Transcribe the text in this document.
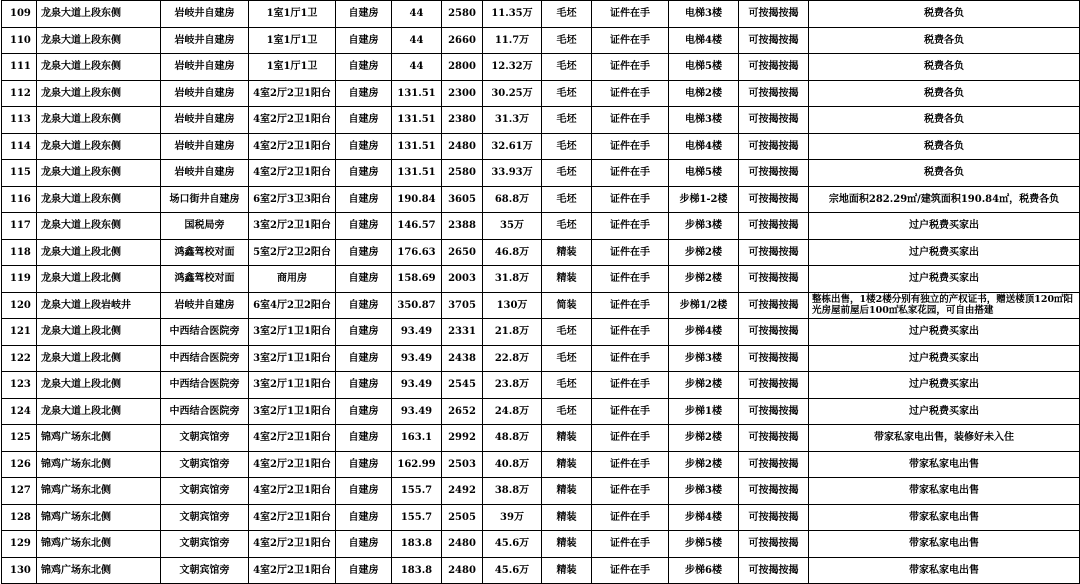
109	龙泉大道上段东侧	岩岐井自建房	1室1厅1卫	自建房	44	2580	11.35万	毛坯	证件在手	电梯3楼	可按揭按揭	税费各负
110	龙泉大道上段东侧	岩岐井自建房	1室1厅1卫	自建房	44	2660	11.7万	毛坯	证件在手	电梯4楼	可按揭按揭	税费各负
111	龙泉大道上段东侧	岩岐井自建房	1室1厅1卫	自建房	44	2800	12.32万	毛坯	证件在手	电梯5楼	可按揭按揭	税费各负
112	龙泉大道上段东侧	岩岐井自建房	4室2厅2卫1阳台	自建房	131.51	2300	30.25万	毛坯	证件在手	电梯2楼	可按揭按揭	税费各负
113	龙泉大道上段东侧	岩岐井自建房	4室2厅2卫1阳台	自建房	131.51	2380	31.3万	毛坯	证件在手	电梯3楼	可按揭按揭	税费各负
114	龙泉大道上段东侧	岩岐井自建房	4室2厅2卫1阳台	自建房	131.51	2480	32.61万	毛坯	证件在手	电梯4楼	可按揭按揭	税费各负
115	龙泉大道上段东侧	岩岐井自建房	4室2厅2卫1阳台	自建房	131.51	2580	33.93万	毛坯	证件在手	电梯5楼	可按揭按揭	税费各负
116	龙泉大道上段东侧	场口街井自建房	6室2厅3卫3阳台	自建房	190.84	3605	68.8万	毛坯	证件在手	步梯1-2楼	可按揭按揭	宗地面积282.29㎡/建筑面积190.84㎡，税费各负
117	龙泉大道上段东侧	国税局旁	3室2厅2卫1阳台	自建房	146.57	2388	35万	毛坯	证件在手	步梯3楼	可按揭按揭	过户税费买家出
118	龙泉大道上段北侧	鸿鑫驾校对面	5室2厅2卫2阳台	自建房	176.63	2650	46.8万	精装	证件在手	步梯2楼	可按揭按揭	过户税费买家出
119	龙泉大道上段北侧	鸿鑫驾校对面	商用房	自建房	158.69	2003	31.8万	精装	证件在手	步梯2楼	可按揭按揭	过户税费买家出
120	龙泉大道上段岩岐井	岩岐井自建房	6室4厅2卫2阳台	自建房	350.87	3705	130万	简装	证件在手	步梯1/2楼	可按揭按揭	整栋出售，1楼2楼分别有独立的产权证书，赠送楼顶120㎡阳光房屋前屋后100㎡私家花园，可自由搭建
121	龙泉大道上段北侧	中西结合医院旁	3室2厅1卫1阳台	自建房	93.49	2331	21.8万	毛坯	证件在手	步梯4楼	可按揭按揭	过户税费买家出
122	龙泉大道上段北侧	中西结合医院旁	3室2厅1卫1阳台	自建房	93.49	2438	22.8万	毛坯	证件在手	步梯3楼	可按揭按揭	过户税费买家出
123	龙泉大道上段北侧	中西结合医院旁	3室2厅1卫1阳台	自建房	93.49	2545	23.8万	毛坯	证件在手	步梯2楼	可按揭按揭	过户税费买家出
124	龙泉大道上段北侧	中西结合医院旁	3室2厅1卫1阳台	自建房	93.49	2652	24.8万	毛坯	证件在手	步梯1楼	可按揭按揭	过户税费买家出
125	锦鸡广场东北侧	文朝宾馆旁	4室2厅2卫1阳台	自建房	163.1	2992	48.8万	精装	证件在手	步梯2楼	可按揭按揭	带家私家电出售，装修好未入住
126	锦鸡广场东北侧	文朝宾馆旁	4室2厅2卫1阳台	自建房	162.99	2503	40.8万	精装	证件在手	步梯2楼	可按揭按揭	带家私家电出售
127	锦鸡广场东北侧	文朝宾馆旁	4室2厅2卫1阳台	自建房	155.7	2492	38.8万	精装	证件在手	步梯3楼	可按揭按揭	带家私家电出售
128	锦鸡广场东北侧	文朝宾馆旁	4室2厅2卫1阳台	自建房	155.7	2505	39万	精装	证件在手	步梯4楼	可按揭按揭	带家私家电出售
129	锦鸡广场东北侧	文朝宾馆旁	4室2厅2卫1阳台	自建房	183.8	2480	45.6万	精装	证件在手	步梯5楼	可按揭按揭	带家私家电出售
130	锦鸡广场东北侧	文朝宾馆旁	4室2厅2卫1阳台	自建房	183.8	2480	45.6万	精装	证件在手	步梯6楼	可按揭按揭	带家私家电出售
